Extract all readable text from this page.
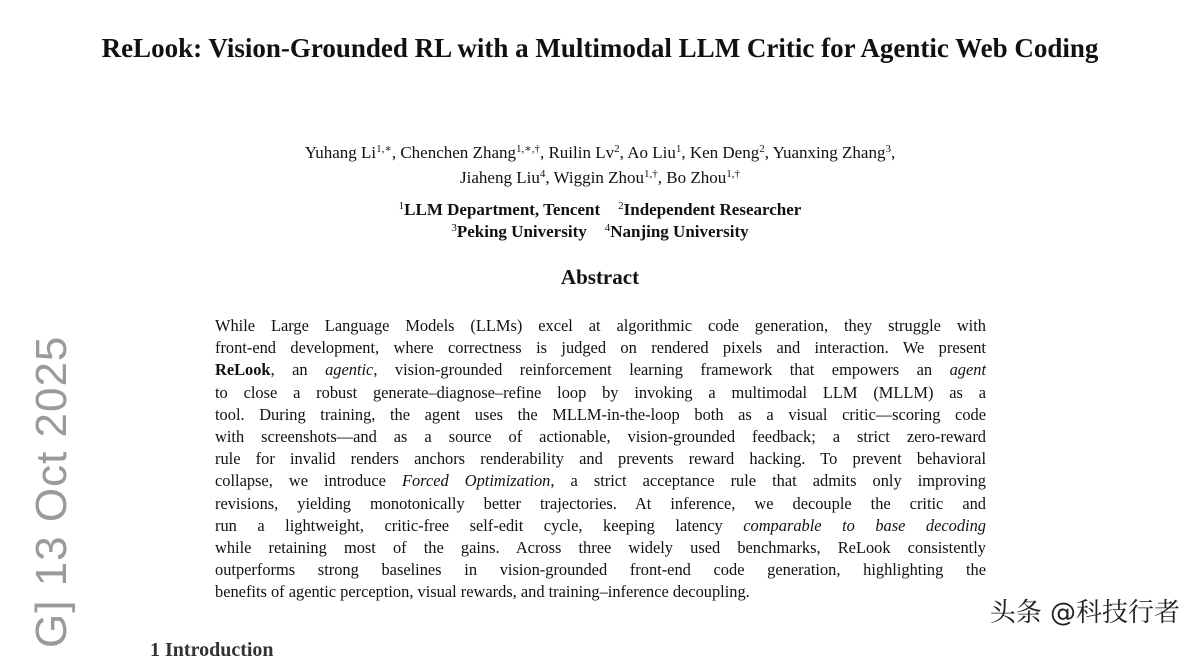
G] 13 Oct 2025
ReLook: Vision-Grounded RL with a Multimodal LLM Critic for Agentic Web Coding
Yuhang $Li^{1,∗}$, Chenchen Zhang$^{1,∗,\dagger}$, Ruilin Lv$^2$, Ao Liu$^1$, Ken Deng$^2$, Yuanxing Zhang$^3$,
Jiaheng Liu$^4$, Wiggin Zhou$^{1,\dagger}$, Bo Zhou$^{1,\dagger}$
$^1$LLM Department, Tencent $^2$Independent Researcher
$^3$Peking University $^4$Nanjing University
Abstract
While Large Language Models (LLMs) excel at algorithmic code generation, they struggle with
front-end development, where correctness is judged on rendered pixels and interaction. We present
ReLook, an agentic, vision-grounded reinforcement learning framework that empowers an agent
to close a robust generate–diagnose–refine loop by invoking a multimodal LLM (MLLM) as a
tool. During training, the agent uses the MLLM-in-the-loop both as a visual critic—scoring code
with screenshots—and as a source of actionable, vision-grounded feedback; a strict zero-reward
rule for invalid renders anchors renderability and prevents reward hacking. To prevent behavioral
collapse, we introduce Forced Optimization, a strict acceptance rule that admits only improving
revisions, yielding monotonically better trajectories. At inference, we decouple the critic and
run a lightweight, critic-free self-edit cycle, keeping latency comparable to base decoding
while retaining most of the gains. Across three widely used benchmarks, ReLook consistently
outperforms strong baselines in vision-grounded front-end code generation, highlighting the
benefits of agentic perception, visual rewards, and training–inference decoupling.
1 Introduction
头条 @科技行者
